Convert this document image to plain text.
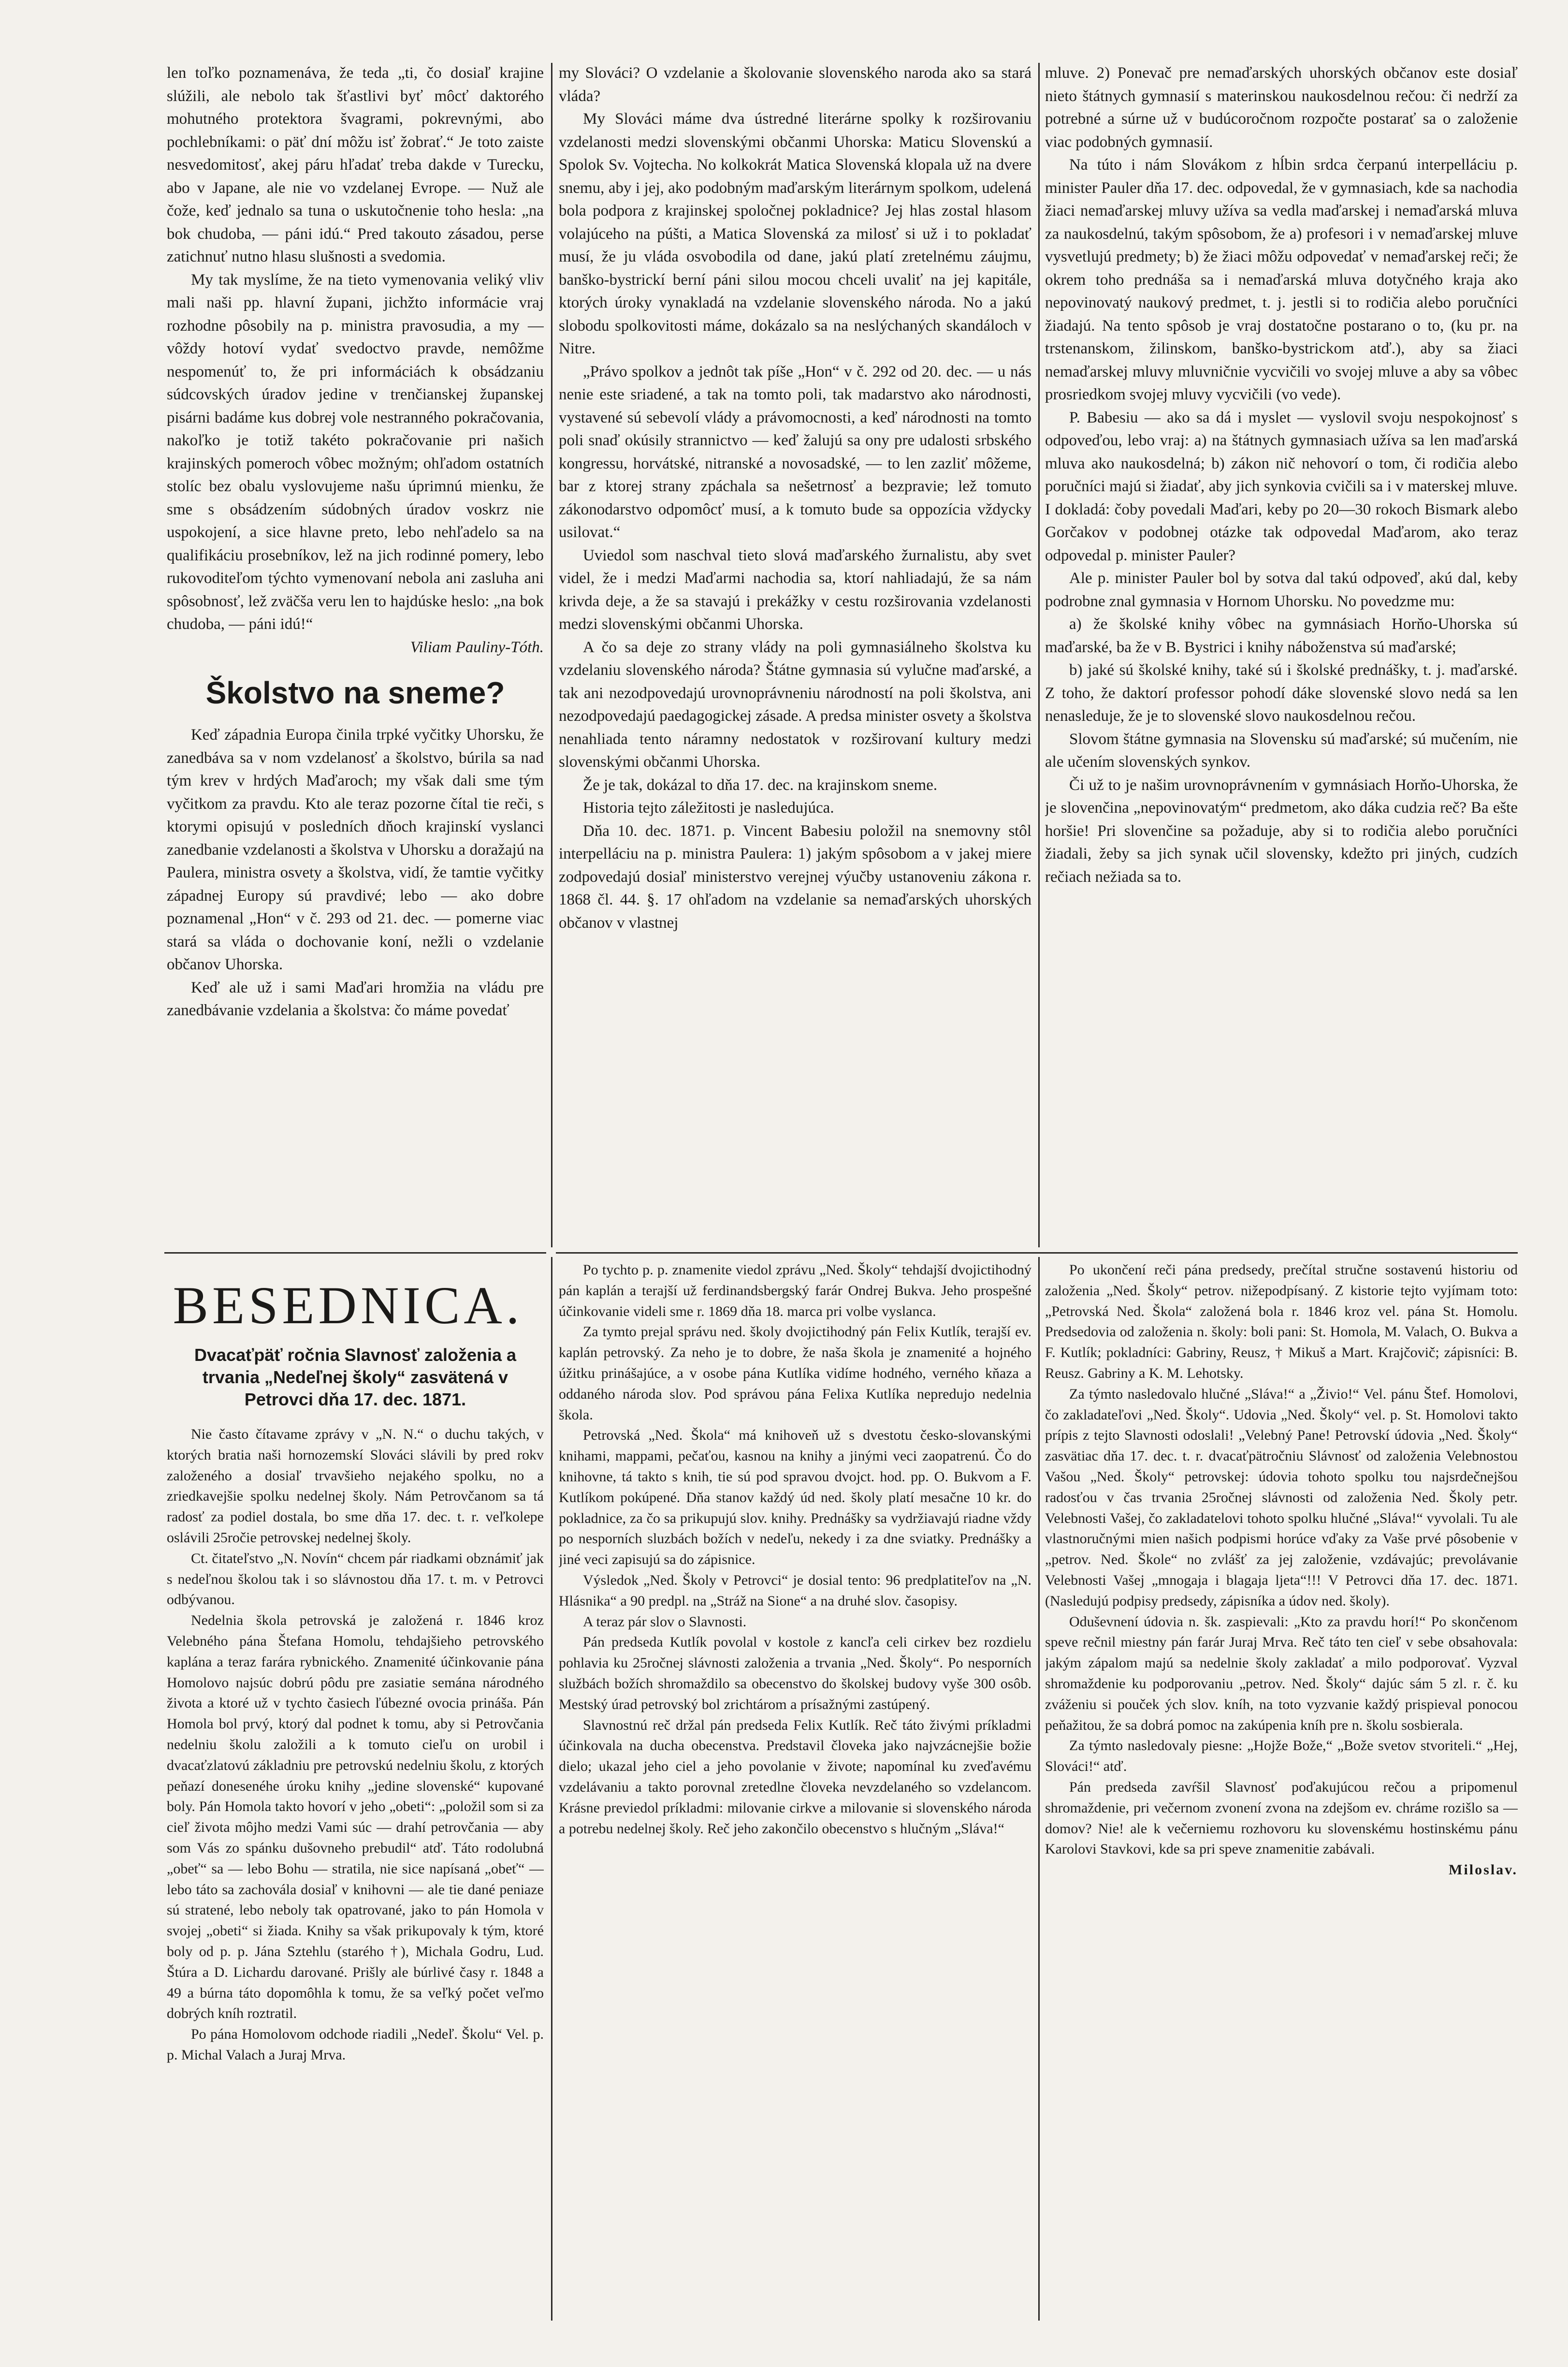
len toľko poznamenáva, že teda „ti, čo dosiaľ krajine slúžili, ale nebolo tak šťastlivi byť môcť daktorého mohutného protektora švagrami, pokrevnými, abo pochlebníkami: o päť dní môžu isť žobrať.“ Je toto zaiste nesvedomitosť, akej páru hľadať treba dakde v Turecku, abo v Japane, ale nie vo vzdelanej Evrope. — Nuž ale čože, keď jednalo sa tuna o uskutočnenie toho hesla: „na bok chudoba, — páni idú.“ Pred takouto zásadou, perse zatichnuť nutno hlasu slušnosti a svedomia.

My tak myslíme, že na tieto vymenovania veliký vliv mali naši pp. hlavní župani, jichžto informácie vraj rozhodne pôsobily na p. ministra pravosudia, a my — vôždy hotoví vydať svedoctvo pravde, nemôžme nespomenúť to, že pri informáciách k obsádzaniu súdcovských úradov jedine v trenčianskej županskej pisárni badáme kus dobrej vole nestranného pokračovania, nakoľko je totiž takéto pokračovanie pri našich krajinských pomeroch vôbec možným; ohľadom ostatních stolíc bez obalu vyslovujeme našu úprimnú mienku, že sme s obsádzením súdobných úradov voskrz nie uspokojení, a sice hlavne preto, lebo nehľadelo sa na qualifikáciu prosebníkov, lež na jich rodinné pomery, lebo rukovoditeľom týchto vymenovaní nebola ani zasluha ani spôsobnosť, lež zväčša veru len to hajdúske heslo: „na bok chudoba, — páni idú!“

Viliam Pauliny-Tóth.

Školstvo na sneme?

Keď západnia Europa činila trpké vyčitky Uhorsku, že zanedbáva sa v nom vzdelanosť a školstvo, búrila sa nad tým krev v hrdých Maďaroch; my však dali sme tým vyčitkom za pravdu. Kto ale teraz pozorne čítal tie reči, s ktorymi opisujú v posledních dňoch krajinskí vyslanci zanedbanie vzdelanosti a školstva v Uhorsku a doražajú na Paulera, ministra osvety a školstva, vidí, že tamtie vyčitky západnej Europy sú pravdivé; lebo — ako dobre poznamenal „Hon“ v č. 293 od 21. dec. — pomerne viac stará sa vláda o dochovanie koní, nežli o vzdelanie občanov Uhorska.

Keď ale už i sami Maďari hromžia na vládu pre zanedbávanie vzdelania a školstva: čo máme povedať

my Slováci? O vzdelanie a školovanie slovenského naroda ako sa stará vláda?

My Slováci máme dva ústredné literárne spolky k rozširovaniu vzdelanosti medzi slovenskými občanmi Uhorska: Maticu Slovenskú a Spolok Sv. Vojtecha. No kolkokrát Matica Slovenská klopala už na dvere snemu, aby i jej, ako podobným maďarským literárnym spolkom, udelená bola podpora z krajinskej spoločnej pokladnice? Jej hlas zostal hlasom volajúceho na púšti, a Matica Slovenská za milosť si už i to pokladať musí, že ju vláda osvobodila od dane, jakú platí zretelnému záujmu, banško-bystrickí berní páni silou mocou chceli uvaliť na jej kapitále, ktorých úroky vynakladá na vzdelanie slovenského národa. No a jakú slobodu spolkovitosti máme, dokázalo sa na neslýchaných skandáloch v Nitre.

„Právo spolkov a jednôt tak píše „Hon“ v č. 292 od 20. dec. — u nás nenie este sriadené, a tak na tomto poli, tak madarstvo ako národnosti, vystavené sú sebevolí vlády a právomocnosti, a keď národnosti na tomto poli snaď okúsily strannictvo — keď žalujú sa ony pre udalosti srbského kongressu, horvátské, nitranské a novosadské, — to len zazliť môžeme, bar z ktorej strany zpáchala sa nešetrnosť a bezpravie; lež tomuto zákonodarstvo odpomôcť musí, a k tomuto bude sa oppozícia vždycky usilovat.“

Uviedol som naschval tieto slová maďarského žurnalistu, aby svet videl, že i medzi Maďarmi nachodia sa, ktorí nahliadajú, že sa nám krivda deje, a že sa stavajú i prekážky v cestu rozširovania vzdelanosti medzi slovenskými občanmi Uhorska.

A čo sa deje zo strany vlády na poli gymnasiálneho školstva ku vzdelaniu slovenského národa? Štátne gymnasia sú vylučne maďarské, a tak ani nezodpovedajú urovnoprávneniu národností na poli školstva, ani nezodpovedajú paedagogickej zásade. A predsa minister osvety a školstva nenahliada tento náramny nedostatok v rozširovaní kultury medzi slovenskými občanmi Uhorska.

Že je tak, dokázal to dňa 17. dec. na krajinskom sneme.

Historia tejto záležitosti je nasledujúca.

Dňa 10. dec. 1871. p. Vincent Babesiu položil na snemovny stôl interpelláciu na p. ministra Paulera: 1) jakým spôsobom a v jakej miere zodpovedajú dosiaľ ministerstvo verejnej výučby ustanoveniu zákona r. 1868 čl. 44. §. 17 ohľadom na vzdelanie sa nemaďarských uhorských občanov v vlastnej

mluve. 2) Ponevač pre nemaďarských uhorských občanov este dosiaľ nieto štátnych gymnasií s materinskou naukosdelnou rečou: či nedrží za potrebné a súrne už v budúcoročnom rozpočte postarať sa o založenie viac podobných gymnasií.

Na túto i nám Slovákom z hĺbin srdca čerpanú interpelláciu p. minister Pauler dňa 17. dec. odpovedal, že v gymnasiach, kde sa nachodia žiaci nemaďarskej mluvy užíva sa vedla maďarskej i nemaďarská mluva za naukosdelnú, takým spôsobom, že a) profesori i v nemaďarskej mluve vysvetlujú predmety; b) že žiaci môžu odpovedať v nemaďarskej reči; že okrem toho prednáša sa i nemaďarská mluva dotyčného kraja ako nepovinovatý naukový predmet, t. j. jestli si to rodičia alebo poručníci žiadajú. Na tento spôsob je vraj dostatočne postarano o to, (ku pr. na trstenanskom, žilinskom, banško-bystrickom atď.), aby sa žiaci nemaďarskej mluvy mluvničnie vycvičili vo svojej mluve a aby sa vôbec prosriedkom svojej mluvy vycvičili (vo vede).

P. Babesiu — ako sa dá i myslet — vyslovil svoju nespokojnosť s odpoveďou, lebo vraj: a) na štátnych gymnasiach užíva sa len maďarská mluva ako naukosdelná; b) zákon nič nehovorí o tom, či rodičia alebo poručníci majú si žiadať, aby jich synkovia cvičili sa i v materskej mluve. I dokladá: čoby povedali Maďari, keby po 20—30 rokoch Bismark alebo Gorčakov v podobnej otázke tak odpovedal Maďarom, ako teraz odpovedal p. minister Pauler?

Ale p. minister Pauler bol by sotva dal takú odpoveď, akú dal, keby podrobne znal gymnasia v Hornom Uhorsku. No povedzme mu:

a) že školské knihy vôbec na gymnásiach Horňo-Uhorska sú maďarské, ba že v B. Bystrici i knihy náboženstva sú maďarské;

b) jaké sú školské knihy, také sú i školské prednášky, t. j. maďarské. Z toho, že daktorí professor pohodí dáke slovenské slovo nedá sa len nenasleduje, že je to slovenské slovo naukosdelnou rečou.

Slovom štátne gymnasia na Slovensku sú maďarské; sú mučením, nie ale učením slovenských synkov.

Či už to je našim urovnoprávnením v gymnásiach Horňo-Uhorska, že je slovenčina „nepovinovatým“ predmetom, ako dáka cudzia reč? Ba ešte horšie! Pri slovenčine sa požaduje, aby si to rodičia alebo poručníci žiadali, žeby sa jich synak učil slovensky, kdežto pri jiných, cudzích rečiach nežiada sa to.

BESEDNICA.
Dvacaťpäť ročnia Slavnosť založenia a trvania „Nedeľnej školy“ zasvätená v Petrovci dňa 17. dec. 1871.

Nie často čítavame zprávy v „N. N.“ o duchu takých, v ktorých bratia naši hornozemskí Slováci slávili by pred rokv založeného a dosiaľ trvavšieho nejakého spolku, no a zriedkavejšie spolku nedelnej školy. Nám Petrovčanom sa tá radosť za podiel dostala, bo sme dňa 17. dec. t. r. veľkolepe oslávili 25ročie petrovskej nedelnej školy.

Ct. čitateľstvo „N. Novín“ chcem pár riadkami obznámiť jak s nedeľnou školou tak i so slávnostou dňa 17. t. m. v Petrovci odbývanou.

Nedelnia škola petrovská je založená r. 1846 kroz Velebného pána Štefana Homolu, tehdajšieho petrovského kaplána a teraz farára rybnického. Znamenité účinkovanie pána Homolovo najsúc dobrú pôdu pre zasiatie semána národného života a ktoré už v tychto časiech ľúbezné ovocia prináša. Pán Homola bol prvý, ktorý dal podnet k tomu, aby si Petrovčania nedelniu školu založili a k tomuto cieľu on urobil i dvacaťzlatovú základniu pre petrovskú nedelniu školu, z ktorých peňazí donesenéhe úroku knihy „jedine slovenské“ kupované boly. Pán Homola takto hovorí v jeho „obeti“: „položil som si za cieľ života môjho medzi Vami súc — drahí petrovčania — aby som Vás zo spánku dušovneho prebudil“ atď. Táto rodolubná „obeť“ sa — lebo Bohu — stratila, nie sice napísaná „obeť“ — lebo táto sa zachovála dosiaľ v knihovni — ale tie dané peniaze sú stratené, lebo neboly tak opatrované, jako to pán Homola v svojej „obeti“ si žiada. Knihy sa však prikupovaly k tým, ktoré boly od p. p. Jána Sztehlu (starého †), Michala Godru, Lud. Štúra a D. Lichardu darované. Prišly ale búrlivé časy r. 1848 a 49 a búrna táto dopomôhla k tomu, že sa veľký počet veľmo dobrých kníh roztratil.

Po pána Homolovom odchode riadili „Nedeľ. Školu“ Vel. p. p. Michal Valach a Juraj Mrva.

Po tychto p. p. znamenite viedol zprávu „Ned. Školy“ tehdajší dvojictihodný pán kaplán a terajší už ferdinandsbergský farár Ondrej Bukva. Jeho prospešné účinkovanie videli sme r. 1869 dňa 18. marca pri volbe vyslanca.

Za tymto prejal správu ned. školy dvojictihodný pán Felix Kutlík, terajší ev. kaplán petrovský. Za neho je to dobre, že naša škola je znamenité a hojného úžitku prinášajúce, a v osobe pána Kutlíka vidíme hodného, verného kňaza a oddaného národa slov. Pod správou pána Felixa Kutlíka nepredujo nedelnia škola.

Petrovská „Ned. Škola“ má knihoveň už s dvestotu česko-slovanskými knihami, mappami, pečaťou, kasnou na knihy a jinými veci zaopatrenú. Čo do knihovne, tá takto s knih, tie sú pod spravou dvojct. hod. pp. O. Bukvom a F. Kutlíkom pokúpené. Dňa stanov každý úd ned. školy platí mesačne 10 kr. do pokladnice, za čo sa prikupujú slov. knihy. Prednášky sa vydržiavajú riadne vždy po nesporních sluzbách božích v nedeľu, nekedy i za dne sviatky. Prednášky a jiné veci zapisujú sa do zápisnice.

Výsledok „Ned. Školy v Petrovci“ je dosial tento: 96 predplatiteľov na „N. Hlásnika“ a 90 predpl. na „Stráž na Sione“ a na druhé slov. časopisy.

A teraz pár slov o Slavnosti.

Pán predseda Kutlík povolal v kostole z kancľa celi cirkev bez rozdielu pohlavia ku 25ročnej slávnosti založenia a trvania „Ned. Školy“. Po nesporních službách božích shromaždilo sa obecenstvo do školskej budovy vyše 300 osôb. Mestský úrad petrovský bol zrichtárom a prísažnými zastúpený.

Slavnostnú reč držal pán predseda Felix Kutlík. Reč táto živými príkladmi účinkovala na ducha obecenstva. Predstavil človeka jako najvzácnejšie božie dielo; ukazal jeho ciel a jeho povolanie v živote; napomínal ku zveďavému vzdelávaniu a takto porovnal zretedlne človeka nevzdelaného so vzdelancom. Krásne previedol príkladmi: milovanie cirkve a milovanie si slovenského národa a potrebu nedelnej školy. Reč jeho zakončilo obecenstvo s hlučným „Sláva!“

Po ukončení reči pána predsedy, prečítal stručne sostavenú historiu od založenia „Ned. Školy“ petrov. nižepodpísaný. Z kistorie tejto vyjímam toto: „Petrovská Ned. Škola“ založená bola r. 1846 kroz vel. pána St. Homolu. Predsedovia od založenia n. školy: boli pani: St. Homola, M. Valach, O. Bukva a F. Kutlík; pokladníci: Gabriny, Reusz, † Mikuš a Mart. Krajčovič; zápisníci: B. Reusz. Gabriny a K. M. Lehotsky.

Za týmto nasledovalo hlučné „Sláva!“ a „Živio!“ Vel. pánu Štef. Homolovi, čo zakladateľovi „Ned. Školy“. Udovia „Ned. Školy“ vel. p. St. Homolovi takto prípis z tejto Slavnosti odoslali! „Velebný Pane! Petrovskí údovia „Ned. Školy“ zasvätiac dňa 17. dec. t. r. dvacaťpätročniu Slávnosť od založenia Velebnostou Vašou „Ned. Školy“ petrovskej: údovia tohoto spolku tou najsrdečnejšou radosťou v čas trvania 25ročnej slávnosti od založenia Ned. Školy petr. Velebnosti Vašej, čo zakladatelovi tohoto spolku hlučné „Sláva!“ vyvolali. Tu ale vlastnoručnými mien našich podpismi horúce vďaky za Vaše prvé pôsobenie v „petrov. Ned. Škole“ no zvlášť za jej založenie, vzdávajúc; prevolávanie Velebnosti Vašej „mnogaja i blagaja ljeta“!!! V Petrovci dňa 17. dec. 1871. (Nasledujú podpisy predsedy, zápisníka a údov ned. školy).

Oduševnení údovia n. šk. zaspievali: „Kto za pravdu horí!“ Po skončenom spevе rečnil miestny pán farár Juraj Mrva. Reč táto ten cieľ v sebe obsahovala: jakým zápalom majú sa nedelnie školy zakladať a milo podporovať. Vyzval shromaždenie ku podporovaniu „petrov. Ned. Školy“ dajúc sám 5 zl. r. č. ku zváženiu si pouček ých slov. kníh, na toto vyzvanie každý prispieval ponocou peňažitou, že sa dobrá pomoc na zakúpenia kníh pre n. školu sosbierala.

Za týmto nasledovaly piesne: „Hojže Bože,“ „Bože svetov stvoriteli.“ „Hej, Slováci!“ atď.

Pán predseda zavŕšil Slavnosť poďakujúcou rečou a pripomenul shromaždenie, pri večernom zvonení zvona na zdejšom ev. chráme rozišlo sa — domov? Nie! ale k večerniemu rozhovoru ku slovenskému hostinskému pánu Karolovi Stavkovi, kde sa pri speve znamenitie zabávali.

Miloslav.
